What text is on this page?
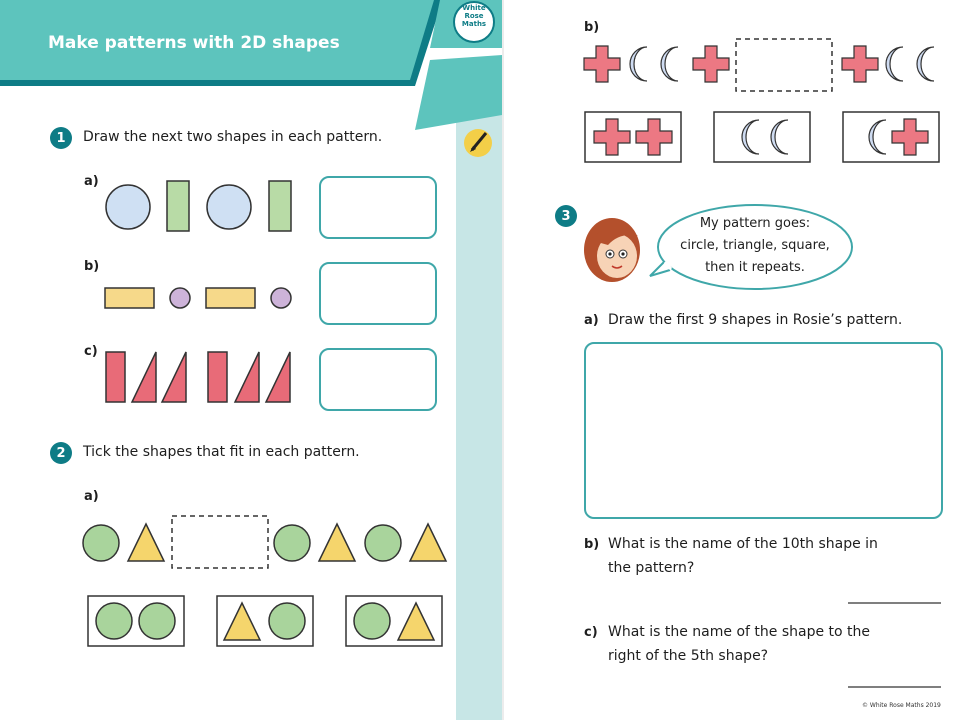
Make patterns with 2D shapes
White
Rose
Maths
1	Draw the next two shapes in each pattern.
a)
b)
c)
2	Tick the shapes that fit in each pattern.
a)
b)
3	My pattern goes:
circle, triangle, square,
then it repeats.
a) Draw the first 9 shapes in Rosie’s pattern.
b) What is the name of the 10th shape in
the pattern?
c) What is the name of the shape to the
right of the 5th shape?
© White Rose Maths 2019
